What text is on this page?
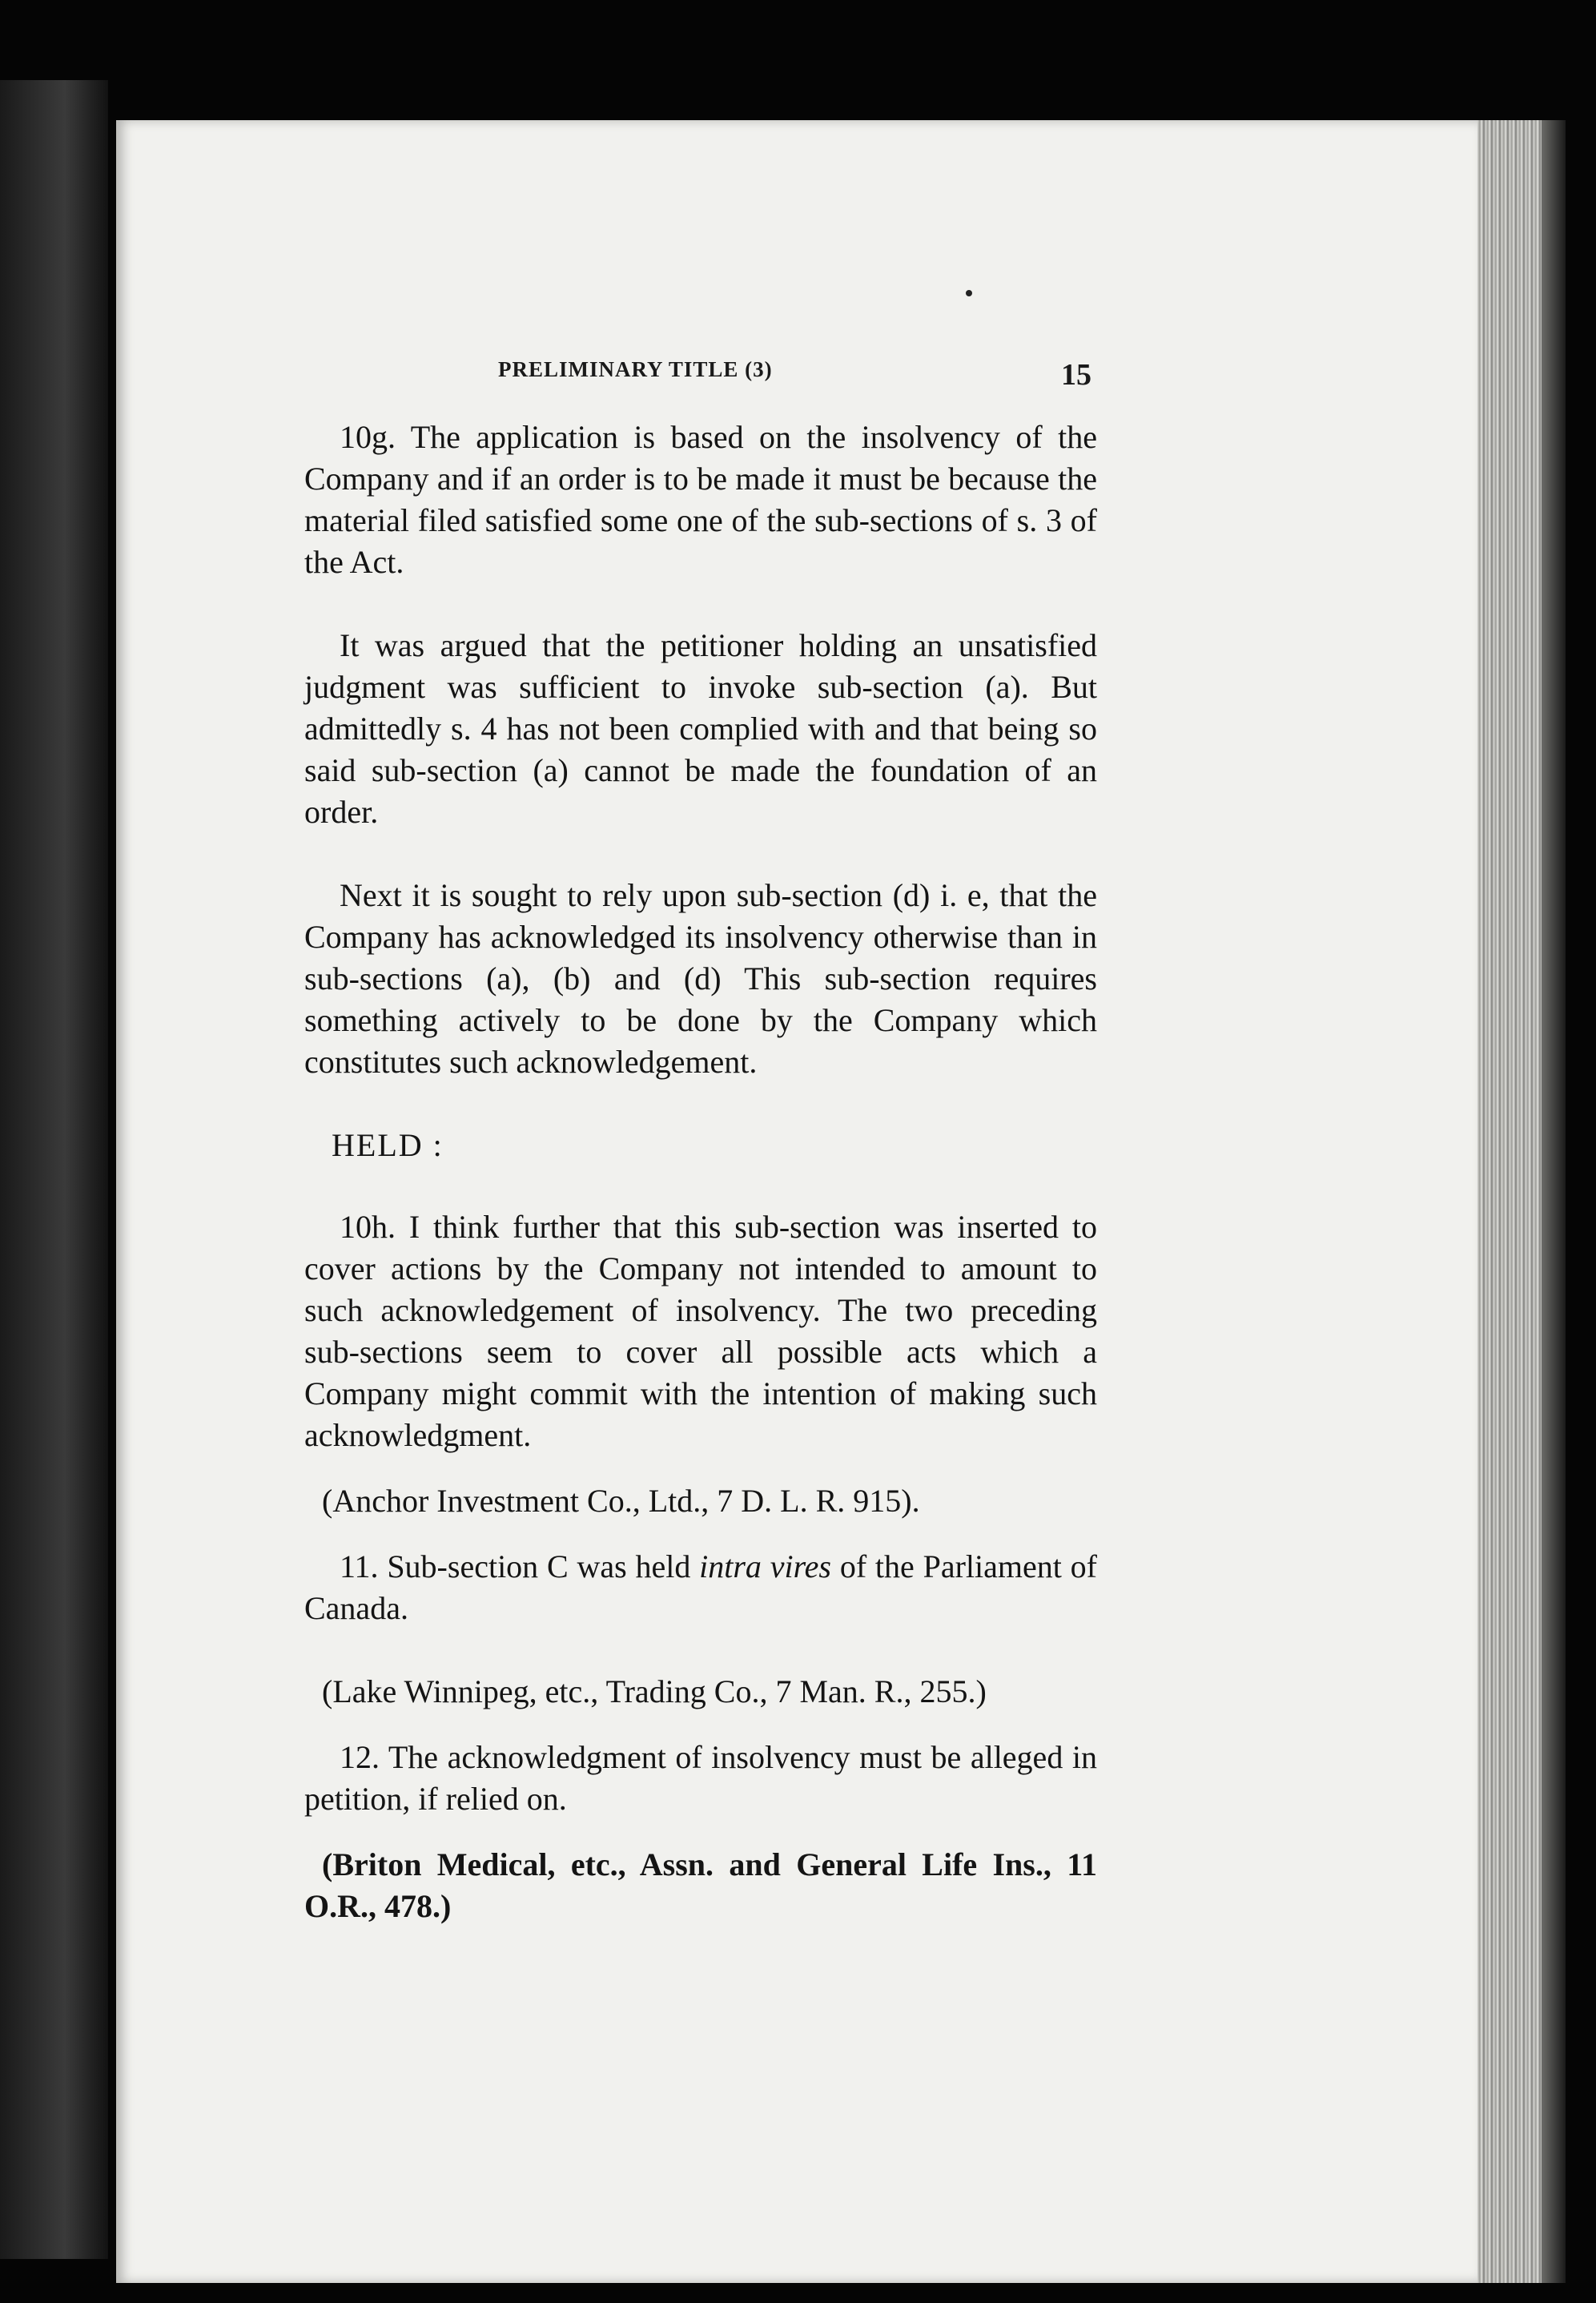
PRELIMINARY TITLE (3)	15

10g. The application is based on the insolvency of the Company and if an order is to be made it must be because the material filed satisfied some one of the sub-sections of s. 3 of the Act.

It was argued that the petitioner holding an unsatisfied judgment was sufficient to invoke sub-section (a). But admittedly s. 4 has not been complied with and that being so said sub-section (a) cannot be made the foundation of an order.

Next it is sought to rely upon sub-section (d) i. e, that the Company has acknowledged its insolvency otherwise than in sub-sections (a), (b) and (d) This sub-section requires something actively to be done by the Company which constitutes such acknowledgement.

HELD :

10h. I think further that this sub-section was inserted to cover actions by the Company not intended to amount to such acknowledgement of insolvency. The two preceding sub-sections seem to cover all possible acts which a Company might commit with the intention of making such acknowledgment.

(Anchor Investment Co., Ltd., 7 D. L. R. 915).

11. Sub-section C was held intra vires of the Parliament of Canada.

(Lake Winnipeg, etc., Trading Co., 7 Man. R., 255.)

12. The acknowledgment of insolvency must be alleged in petition, if relied on.

(Briton Medical, etc., Assn. and General Life Ins., 11 O.R., 478.)
